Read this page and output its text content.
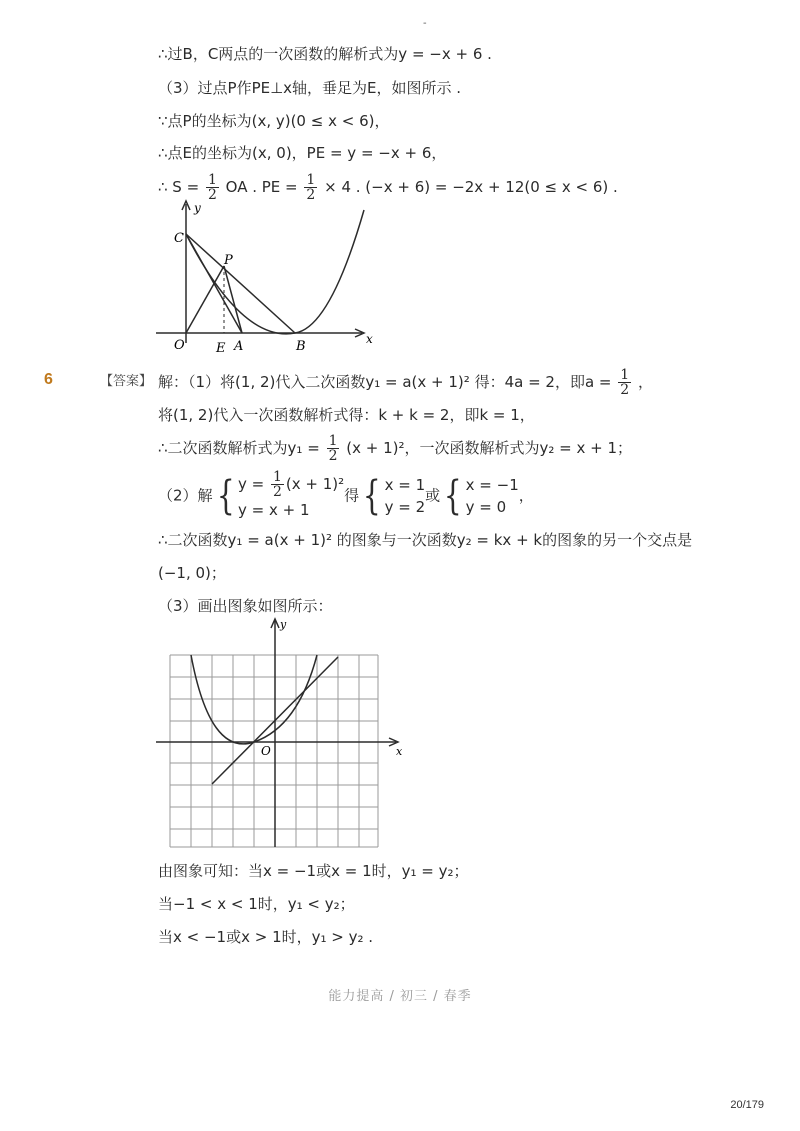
-
∴过B，C两点的一次函数的解析式为y = −x + 6 .
（3）过点P作PE⊥x轴，垂足为E，如图所示 .
∵点P的坐标为(x, y)(0 ≤ x < 6)，
∴点E的坐标为(x, 0)，PE = y = −x + 6，
∴ $S = \frac{1}{2}$ OA . PE = $\frac{1}{2} \times 4$ . (−x + 6) = −2x + 12(0 ≤ x < 6) .
y
x
C
P
O E A	B
6	【答案】 解：（1）将(1, 2)代入二次函数y₁ = a(x + 1)² 得：4a = 2，即$a = \frac{1}{2}$ ，
将(1, 2)代入一次函数解析式得：k + k = 2，即k = 1，
∴二次函数解析式为$y_1 = \frac{1}{2} (x + 1)^2$，一次函数解析式为y₂ = x + 1；
（2）解{ $y = \frac{1}{2} (x + 1)^2$
y = x + 1
得{ x = 1
y = 2
或{ x = −1
y = 0
，
∴二次函数y₁ = a(x + 1)² 的图象与一次函数y₂ = kx + k的图象的另一个交点是
(−1, 0)；
（3）画出图象如图所示：
y
x
O
由图象可知：当x = −1或x = 1时，y₁ = y₂；
当−1 < x < 1时，y₁ < y₂；
当x < −1或x > 1时，y₁ > y₂ .
能力提高 / 初三 / 春季
20/179
